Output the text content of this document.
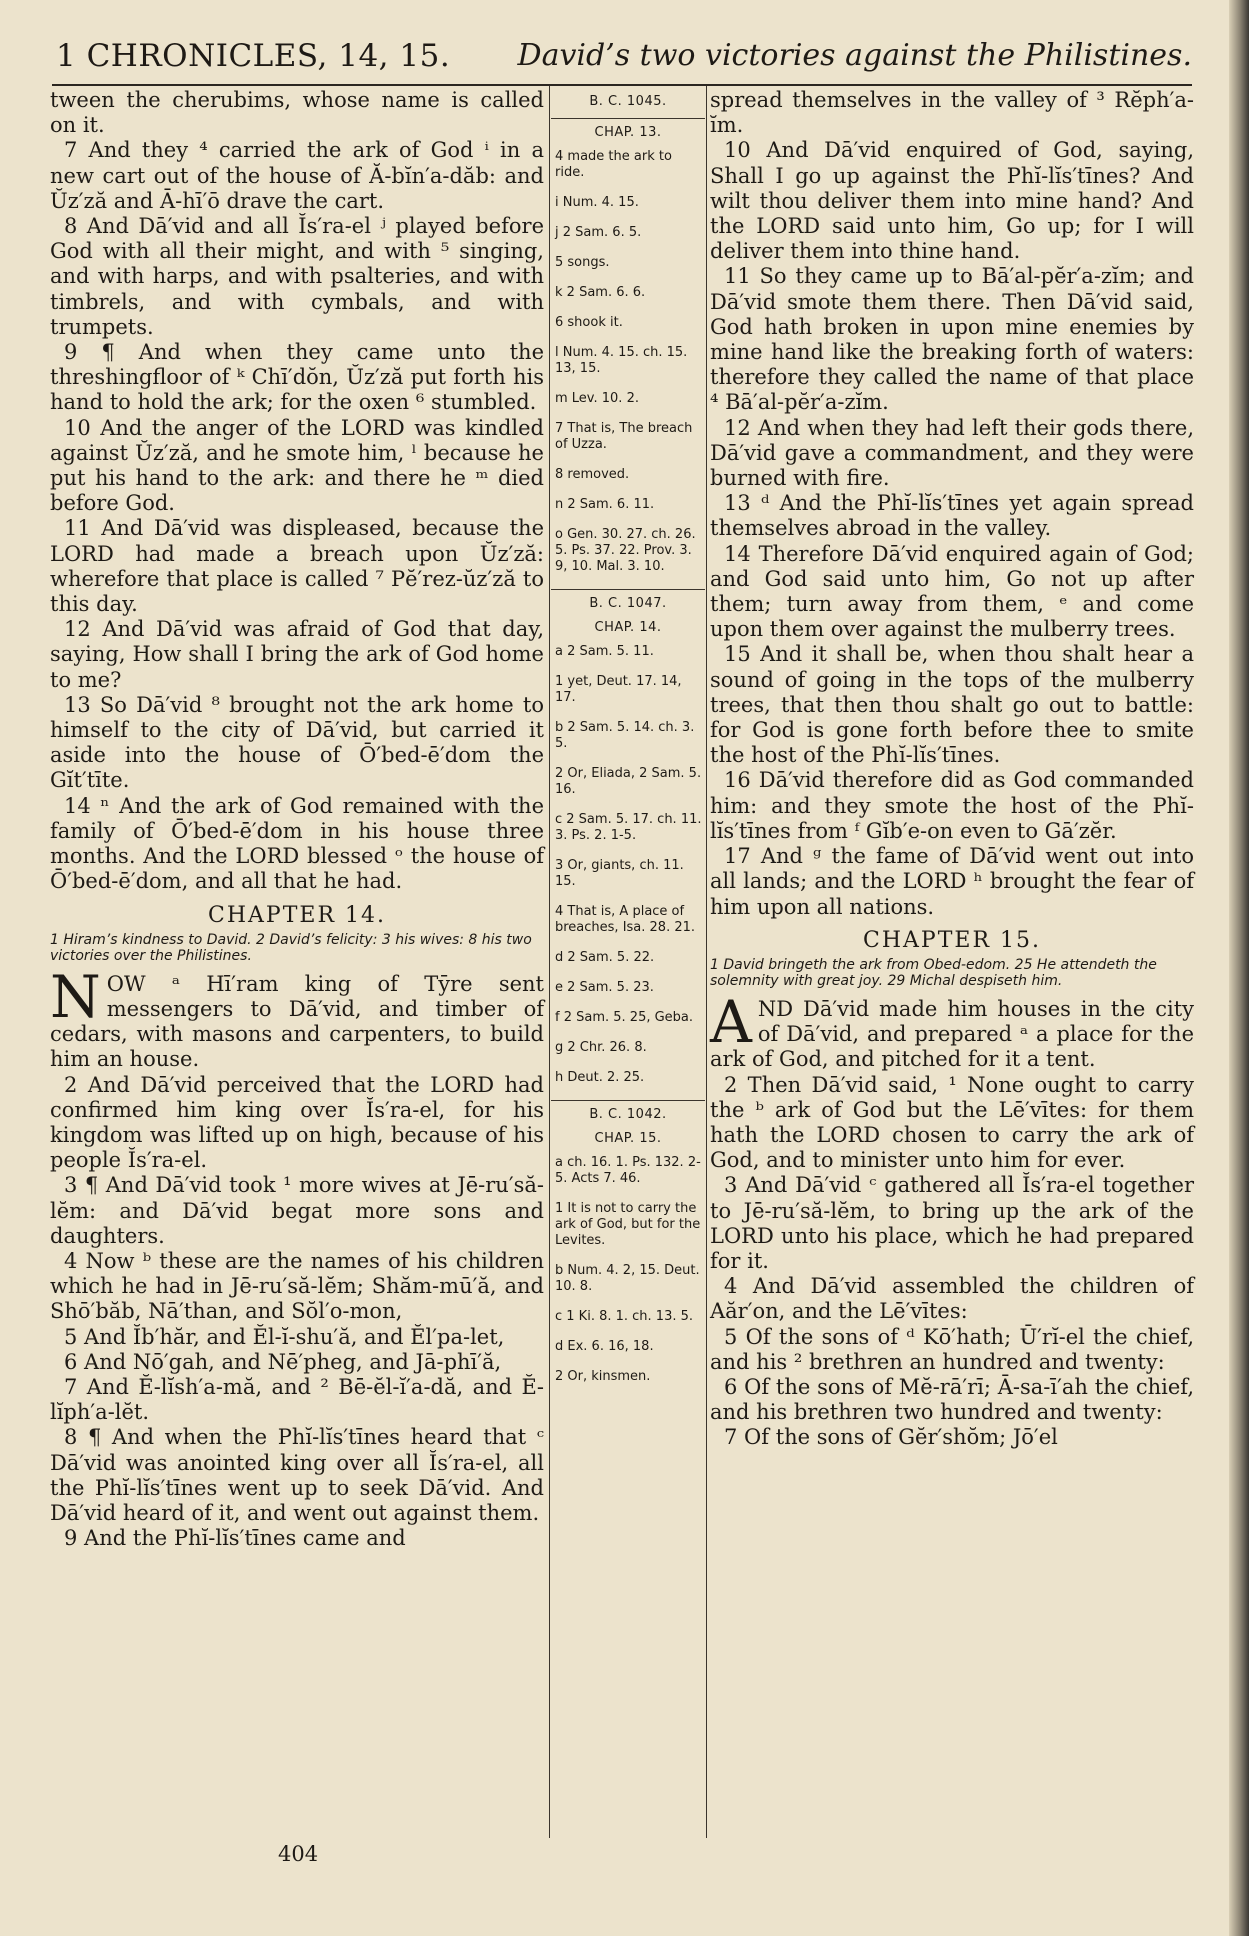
1 CHRONICLES, 14, 15. David’s two victories against the Philistines.

tween the cherubims, whose name is called on it.

7 And they ⁴ carried the ark of God ⁱ in a new cart out of the house of Ă-bĭn′a-dăb: and Ŭz′ză and Ā-hī′ō drave the cart.

8 And Dā′vid and all Ĭs′ra-el ʲ played before God with all their might, and with ⁵ singing, and with harps, and with psalteries, and with timbrels, and with cymbals, and with trumpets.

9 ¶ And when they came unto the threshingfloor of ᵏ Chī′dŏn, Ŭz′ză put forth his hand to hold the ark; for the oxen ⁶ stumbled.

10 And the anger of the LORD was kindled against Ŭz′ză, and he smote him, ˡ because he put his hand to the ark: and there he ᵐ died before God.

11 And Dā′vid was displeased, because the LORD had made a breach upon Ŭz′ză: wherefore that place is called ⁷ Pĕ′rez-ŭz′ză to this day.

12 And Dā′vid was afraid of God that day, saying, How shall I bring the ark of God home to me?

13 So Dā′vid ⁸ brought not the ark home to himself to the city of Dā′vid, but carried it aside into the house of Ō′bed-ē′dom the Gĭt′tīte.

14 ⁿ And the ark of God remained with the family of Ō′bed-ē′dom in his house three months. And the LORD blessed ᵒ the house of Ō′bed-ē′dom, and all that he had.

CHAPTER 14.
1 Hiram’s kindness to David. 2 David’s felicity: 3 his wives: 8 his two victories over the Philistines.

NOW ᵃ Hī′ram king of Tȳre sent messengers to Dā′vid, and timber of cedars, with masons and carpenters, to build him an house.

2 And Dā′vid perceived that the LORD had confirmed him king over Ĭs′ra-el, for his kingdom was lifted up on high, because of his people Ĭs′ra-el.

3 ¶ And Dā′vid took ¹ more wives at Jē-ru′să-lĕm: and Dā′vid begat more sons and daughters.

4 Now ᵇ these are the names of his children which he had in Jē-ru′să-lĕm; Shăm-mū′ă, and Shō′băb, Nā′than, and Sŏl′o-mon,

5 And Ĭb′hăr, and Ĕl-ĭ-shu′ă, and Ĕl′pa-let,

6 And Nō′gah, and Nē′pheg, and Jā-phī′ă,

7 And Ĕ-lĭsh′a-mă, and ² Bē-ĕl-ĭ′a-dă, and Ĕ-lĭph′a-lĕt.

8 ¶ And when the Phĭ-lĭs′tīnes heard that ᶜ Dā′vid was anointed king over all Ĭs′ra-el, all the Phĭ-lĭs′tīnes went up to seek Dā′vid. And Dā′vid heard of it, and went out against them.

9 And the Phĭ-lĭs′tīnes came and

B. C. 1045.
CHAP. 13.
4 made the ark to ride.
i Num. 4. 15.
j 2 Sam. 6. 5.
5 songs.
k 2 Sam. 6. 6.
6 shook it.
l Num. 4. 15. ch. 15. 13, 15.
m Lev. 10. 2.
7 That is, The breach of Uzza.
8 removed.
n 2 Sam. 6. 11.
o Gen. 30. 27. ch. 26. 5. Ps. 37. 22. Prov. 3. 9, 10. Mal. 3. 10.
B. C. 1047.
CHAP. 14.
a 2 Sam. 5. 11.
1 yet, Deut. 17. 14, 17.
b 2 Sam. 5. 14. ch. 3. 5.
2 Or, Eliada, 2 Sam. 5. 16.
c 2 Sam. 5. 17. ch. 11. 3. Ps. 2. 1-5.
3 Or, giants, ch. 11. 15.
4 That is, A place of breaches, Isa. 28. 21.
d 2 Sam. 5. 22.
e 2 Sam. 5. 23.
f 2 Sam. 5. 25, Geba.
g 2 Chr. 26. 8.
h Deut. 2. 25.
B. C. 1042.
CHAP. 15.
a ch. 16. 1. Ps. 132. 2-5. Acts 7. 46.
1 It is not to carry the ark of God, but for the Levites.
b Num. 4. 2, 15. Deut. 10. 8.
c 1 Ki. 8. 1. ch. 13. 5.
d Ex. 6. 16, 18.
2 Or, kinsmen.

spread themselves in the valley of ³ Rĕph′a-ĭm.

10 And Dā′vid enquired of God, saying, Shall I go up against the Phĭ-lĭs′tīnes? And wilt thou deliver them into mine hand? And the LORD said unto him, Go up; for I will deliver them into thine hand.

11 So they came up to Bā′al-pĕr′a-zĭm; and Dā′vid smote them there. Then Dā′vid said, God hath broken in upon mine enemies by mine hand like the breaking forth of waters: therefore they called the name of that place ⁴ Bā′al-pĕr′a-zĭm.

12 And when they had left their gods there, Dā′vid gave a commandment, and they were burned with fire.

13 ᵈ And the Phĭ-lĭs′tīnes yet again spread themselves abroad in the valley.

14 Therefore Dā′vid enquired again of God; and God said unto him, Go not up after them; turn away from them, ᵉ and come upon them over against the mulberry trees.

15 And it shall be, when thou shalt hear a sound of going in the tops of the mulberry trees, that then thou shalt go out to battle: for God is gone forth before thee to smite the host of the Phĭ-lĭs′tīnes.

16 Dā′vid therefore did as God commanded him: and they smote the host of the Phĭ-lĭs′tīnes from ᶠ Gĭb′e-on even to Gā′zĕr.

17 And ᵍ the fame of Dā′vid went out into all lands; and the LORD ʰ brought the fear of him upon all nations.

CHAPTER 15.
1 David bringeth the ark from Obed-edom. 25 He attendeth the solemnity with great joy. 29 Michal despiseth him.

AND Dā′vid made him houses in the city of Dā′vid, and prepared ᵃ a place for the ark of God, and pitched for it a tent.

2 Then Dā′vid said, ¹ None ought to carry the ᵇ ark of God but the Lē′vītes: for them hath the LORD chosen to carry the ark of God, and to minister unto him for ever.

3 And Dā′vid ᶜ gathered all Ĭs′ra-el together to Jē-ru′să-lĕm, to bring up the ark of the LORD unto his place, which he had prepared for it.

4 And Dā′vid assembled the children of Aăr′on, and the Lē′vītes:

5 Of the sons of ᵈ Kō′hath; Ū′rĭ-el the chief, and his ² brethren an hundred and twenty:

6 Of the sons of Mĕ-rā′rī; Ā-sa-ī′ah the chief, and his brethren two hundred and twenty:

7 Of the sons of Gĕr′shŏm; Jō′el

404
